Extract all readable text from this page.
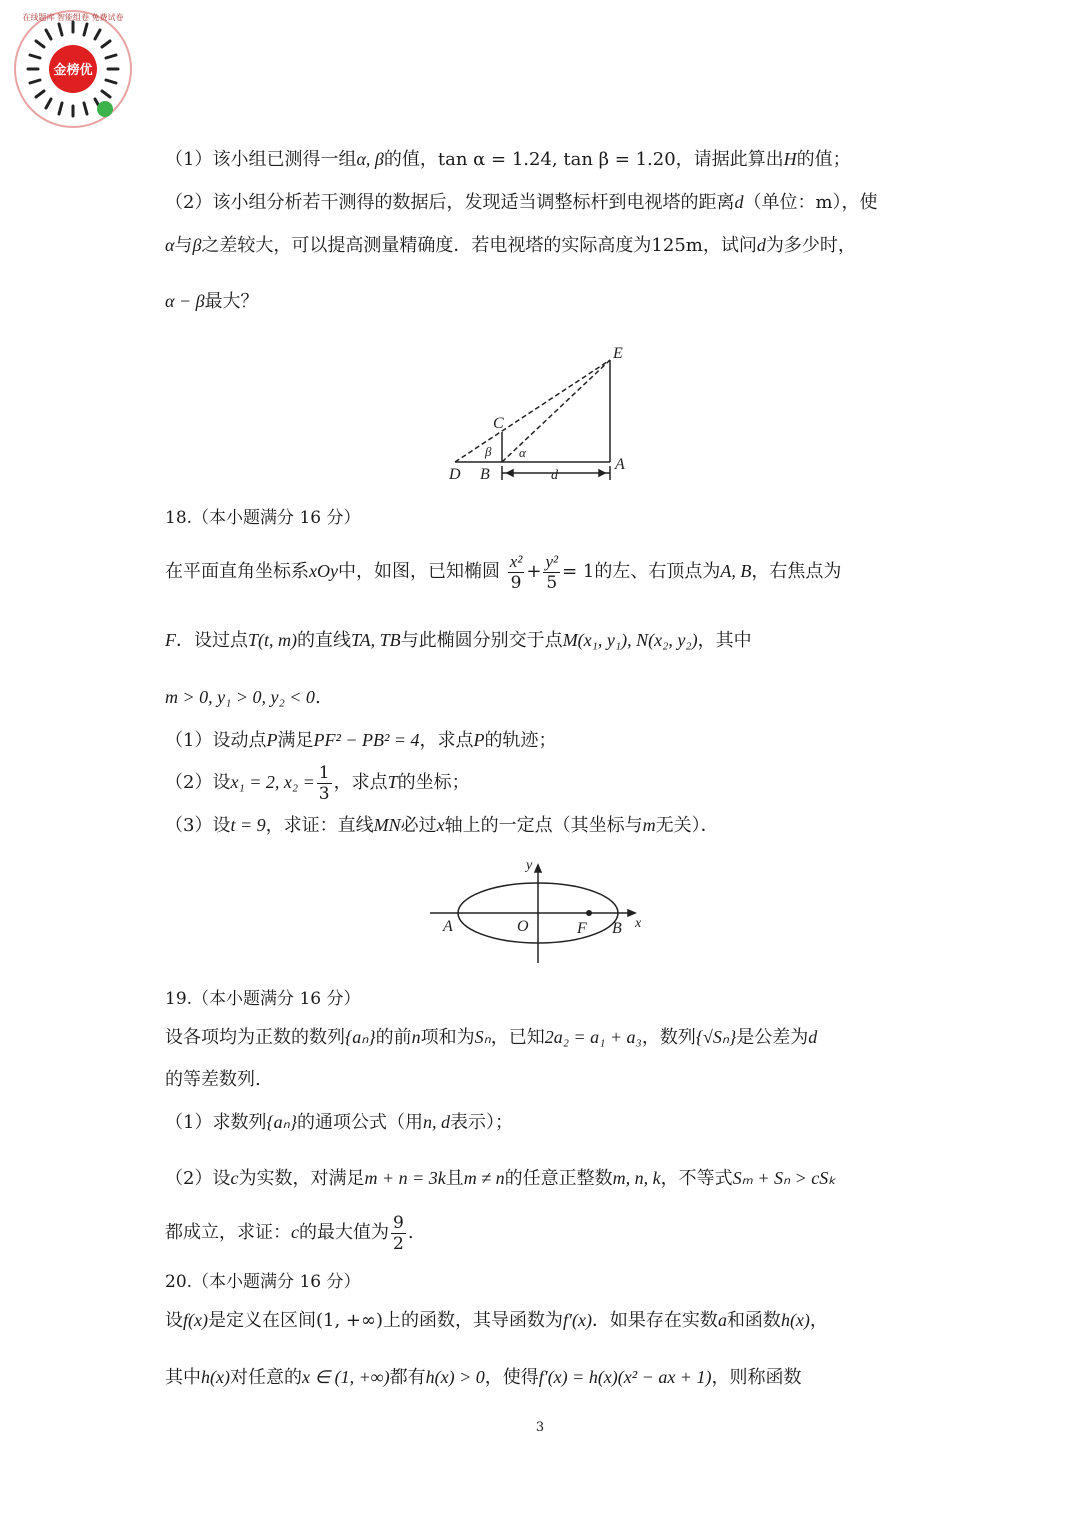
金榜优
在线题库 智能组卷 免费试卷
（1）该小组已测得一组α, β的值，tan α = 1.24, tan β = 1.20，请据此算出H的值；
（2）该小组分析若干测得的数据后，发现适当调整标杆到电视塔的距离d（单位：m），使
α与β之差较大，可以提高测量精确度．若电视塔的实际高度为125m，试问d为多少时，
α − β最大？
E
C
β α
D B	d
A
18.（本小题满分 16 分）
在平面直角坐标系xOy中，如图，已知椭圆 $\frac{\text{x²}}{9} + \frac{\text{y²}}{5} = 1$的左、右顶点为A, B，右焦点为
F．设过点T(t, m)的直线TA, TB与此椭圆分别交于点M(x₁, y₁), N(x₂, y₂)，其中
m > 0, y₁ > 0, y₂ < 0.
（1）设动点P满足PF² − PB² = 4，求点P的轨迹；
（2）设x₁ = 2, $x_2 = \frac{1}{3}$ ，求点T的坐标；
（3）设t = 9，求证：直线MN必过x轴上的一定点（其坐标与m无关）．
y
x
A	O	F B
19.（本小题满分 16 分）
设各项均为正数的数列{aₙ}的前n项和为Sₙ，已知2a₂ = a₁ + a₃，数列{√Sₙ}是公差为d
的等差数列.
（1）求数列{aₙ}的通项公式（用n, d表示）；
（2）设c为实数，对满足m + n = 3k且m ≠ n的任意正整数m, n, k，不等式Sₘ + Sₙ > cSₖ
都成立，求证：c的最大值为 $\frac{9}{2}$ .
20.（本小题满分 16 分）
设f(x)是定义在区间(1, +∞)上的函数，其导函数为f′(x)．如果存在实数a和函数h(x)，
其中h(x)对任意的x ∈ (1, +∞)都有h(x) > 0，使得f′(x) = h(x)(x² − ax + 1)，则称函数
3
